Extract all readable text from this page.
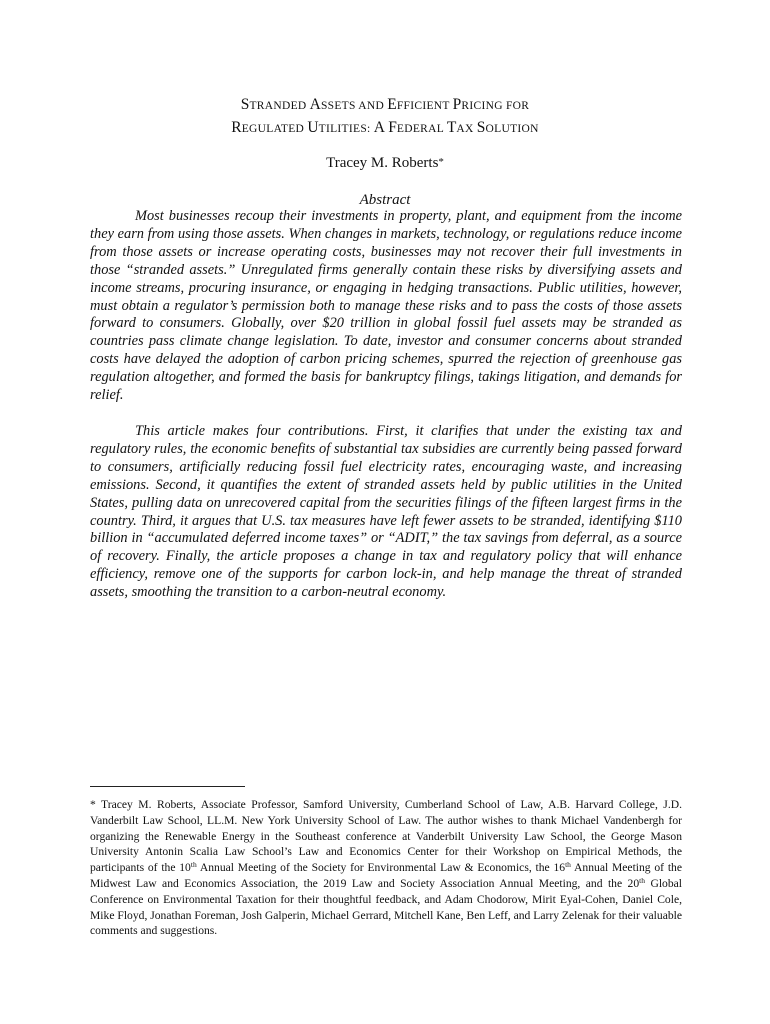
STRANDED ASSETS AND EFFICIENT PRICING FOR
REGULATED UTILITIES: A FEDERAL TAX SOLUTION
Tracey M. Roberts*
Abstract

Most businesses recoup their investments in property, plant, and equipment from the income they earn from using those assets. When changes in markets, technology, or regulations reduce income from those assets or increase operating costs, businesses may not recover their full investments in those “stranded assets.” Unregulated firms generally contain these risks by diversifying assets and income streams, procuring insurance, or engaging in hedging transactions. Public utilities, however, must obtain a regulator’s permission both to manage these risks and to pass the costs of those assets forward to consumers. Globally, over $20 trillion in global fossil fuel assets may be stranded as countries pass climate change legislation. To date, investor and consumer concerns about stranded costs have delayed the adoption of carbon pricing schemes, spurred the rejection of greenhouse gas regulation altogether, and formed the basis for bankruptcy filings, takings litigation, and demands for relief.

This article makes four contributions. First, it clarifies that under the existing tax and regulatory rules, the economic benefits of substantial tax subsidies are currently being passed forward to consumers, artificially reducing fossil fuel electricity rates, encouraging waste, and increasing emissions. Second, it quantifies the extent of stranded assets held by public utilities in the United States, pulling data on unrecovered capital from the securities filings of the fifteen largest firms in the country. Third, it argues that U.S. tax measures have left fewer assets to be stranded, identifying $110 billion in “accumulated deferred income taxes” or “ADIT,” the tax savings from deferral, as a source of recovery. Finally, the article proposes a change in tax and regulatory policy that will enhance efficiency, remove one of the supports for carbon lock-in, and help manage the threat of stranded assets, smoothing the transition to a carbon-neutral economy.

* Tracey M. Roberts, Associate Professor, Samford University, Cumberland School of Law, A.B. Harvard College, J.D. Vanderbilt Law School, LL.M. New York University School of Law. The author wishes to thank Michael Vandenbergh for organizing the Renewable Energy in the Southeast conference at Vanderbilt University Law School, the George Mason University Antonin Scalia Law School’s Law and Economics Center for their Workshop on Empirical Methods, the participants of the 10th Annual Meeting of the Society for Environmental Law & Economics, the 16th Annual Meeting of the Midwest Law and Economics Association, the 2019 Law and Society Association Annual Meeting, and the 20th Global Conference on Environmental Taxation for their thoughtful feedback, and Adam Chodorow, Mirit Eyal-Cohen, Daniel Cole, Mike Floyd, Jonathan Foreman, Josh Galperin, Michael Gerrard, Mitchell Kane, Ben Leff, and Larry Zelenak for their valuable comments and suggestions.
